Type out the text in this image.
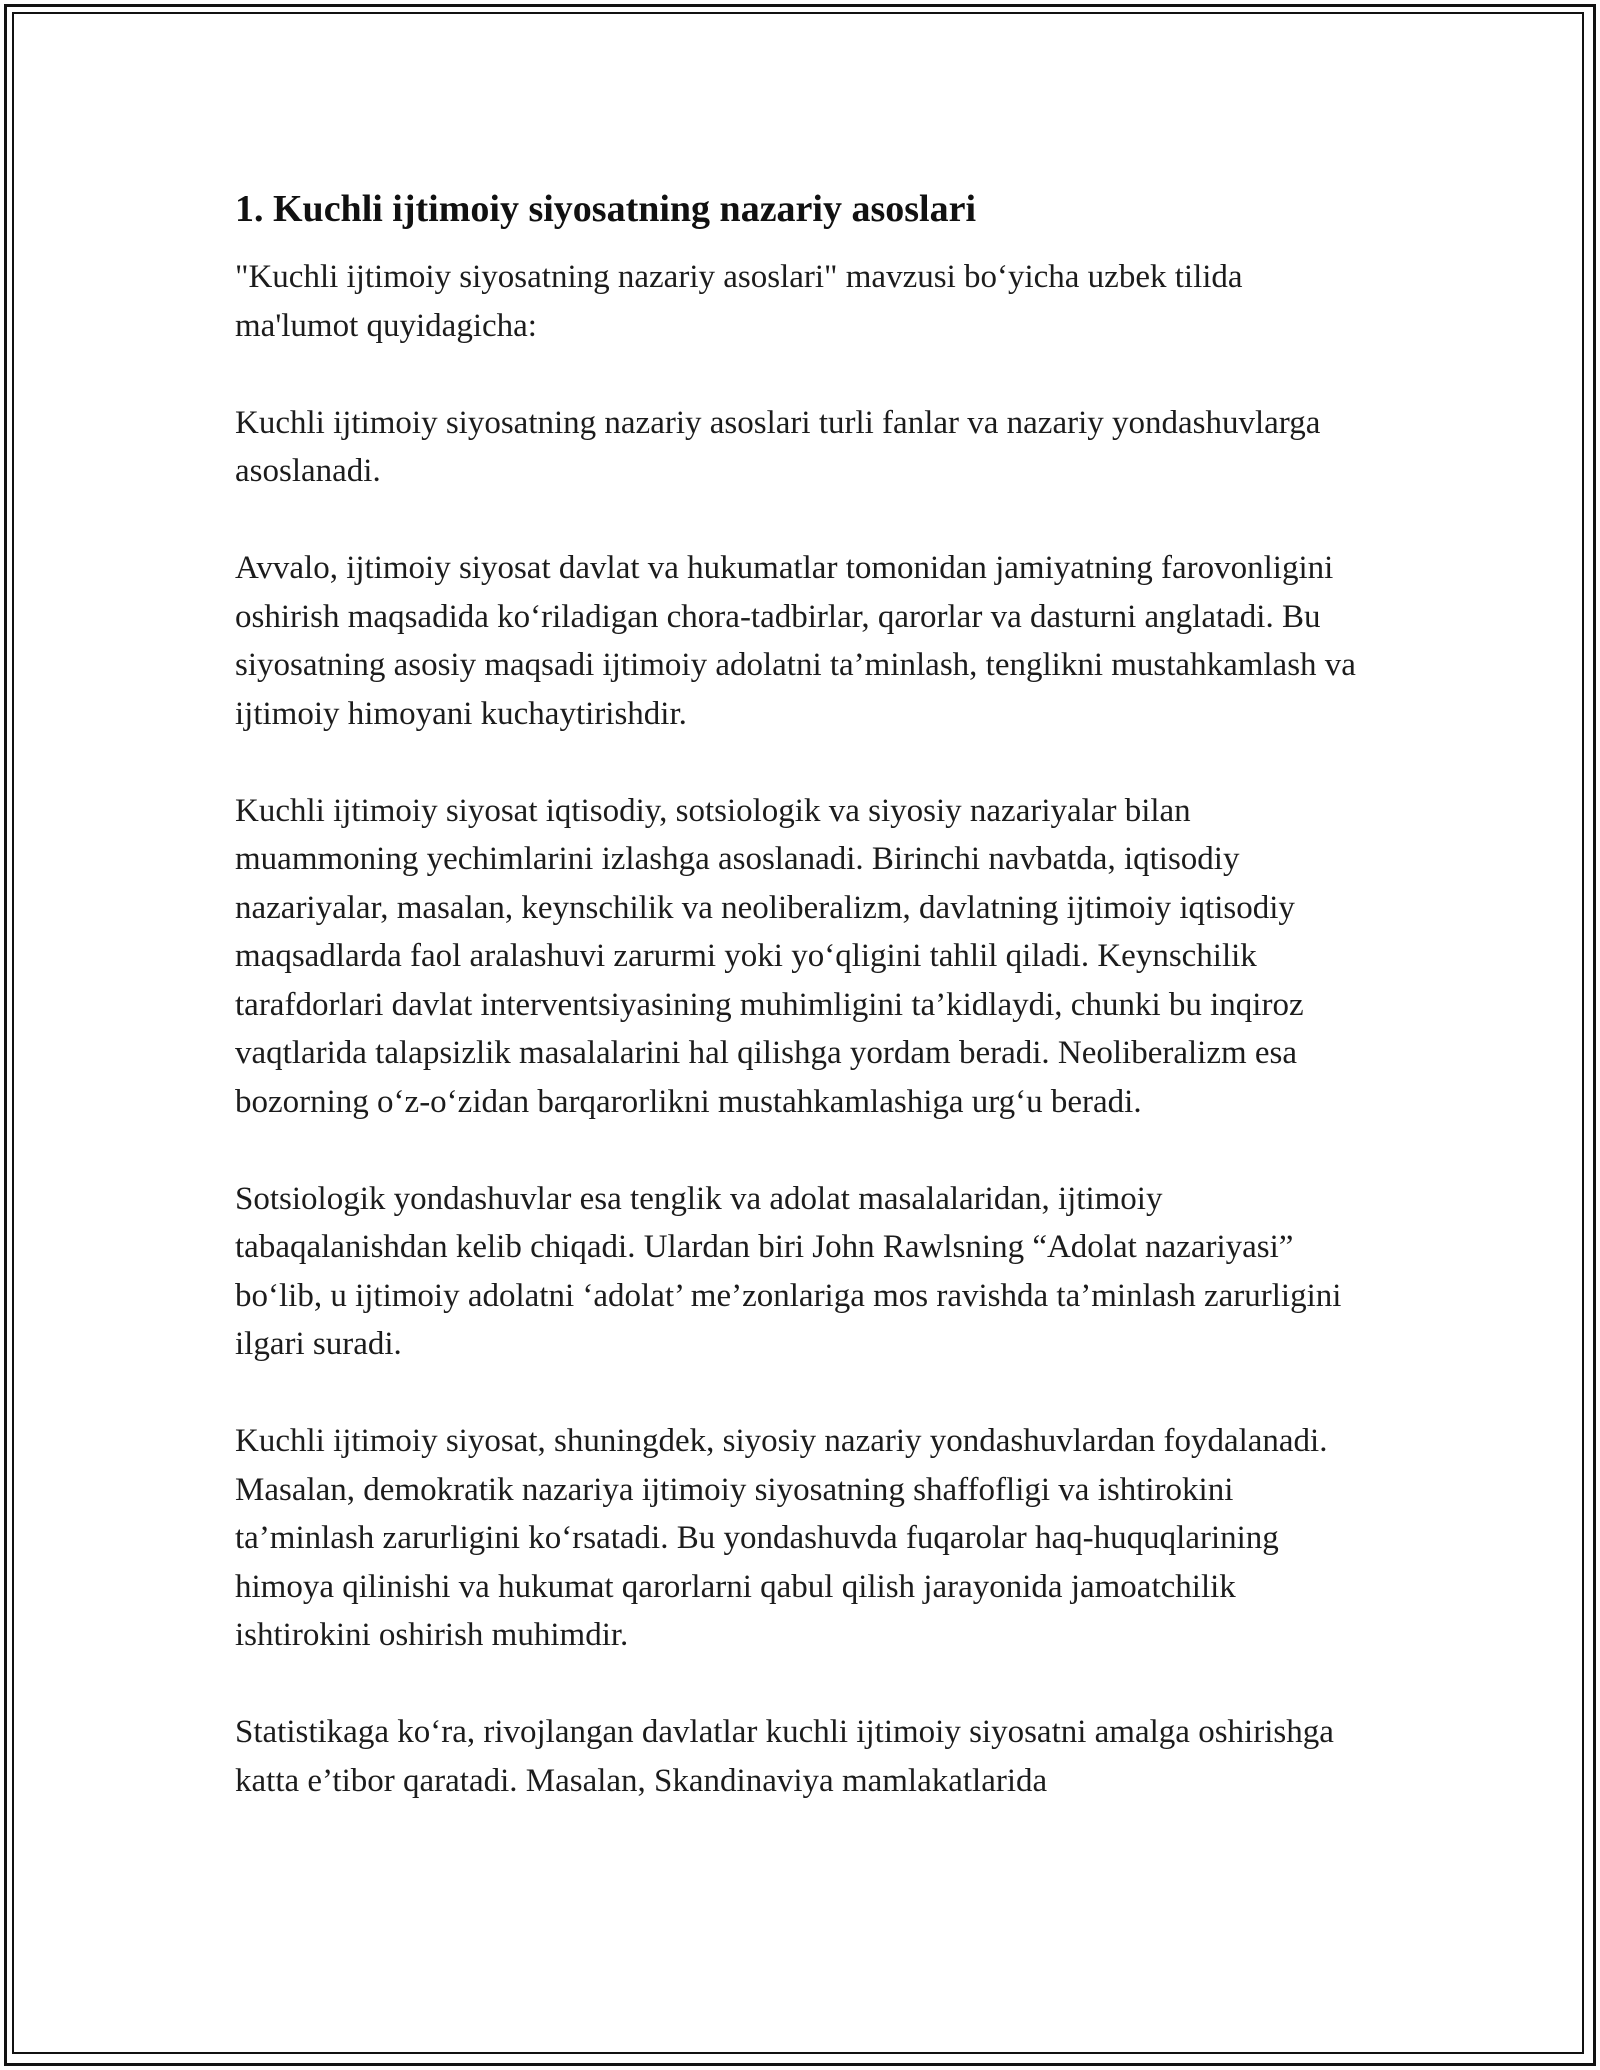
1. Kuchli ijtimoiy siyosatning nazariy asoslari

"Kuchli ijtimoiy siyosatning nazariy asoslari" mavzusi bo‘yicha uzbek tilida ma'lumot quyidagicha:

Kuchli ijtimoiy siyosatning nazariy asoslari turli fanlar va nazariy yondashuvlarga asoslanadi.

Avvalo, ijtimoiy siyosat davlat va hukumatlar tomonidan jamiyatning farovonligini oshirish maqsadida ko‘riladigan chora-tadbirlar, qarorlar va dasturni anglatadi. Bu siyosatning asosiy maqsadi ijtimoiy adolatni ta’minlash, tenglikni mustahkamlash va ijtimoiy himoyani kuchaytirishdir.

Kuchli ijtimoiy siyosat iqtisodiy, sotsiologik va siyosiy nazariyalar bilan muammoning yechimlarini izlashga asoslanadi. Birinchi navbatda, iqtisodiy nazariyalar, masalan, keynschilik va neoliberalizm, davlatning ijtimoiy iqtisodiy maqsadlarda faol aralashuvi zarurmi yoki yo‘qligini tahlil qiladi. Keynschilik tarafdorlari davlat interventsiyasining muhimligini ta’kidlaydi, chunki bu inqiroz vaqtlarida talapsizlik masalalarini hal qilishga yordam beradi. Neoliberalizm esa bozorning o‘z-o‘zidan barqarorlikni mustahkamlashiga urg‘u beradi.

Sotsiologik yondashuvlar esa tenglik va adolat masalalaridan, ijtimoiy tabaqalanishdan kelib chiqadi. Ulardan biri John Rawlsning “Adolat nazariyasi” bo‘lib, u ijtimoiy adolatni ‘adolat’ me’zonlariga mos ravishda ta’minlash zarurligini ilgari suradi.

Kuchli ijtimoiy siyosat, shuningdek, siyosiy nazariy yondashuvlardan foydalanadi. Masalan, demokratik nazariya ijtimoiy siyosatning shaffofligi va ishtirokini ta’minlash zarurligini ko‘rsatadi. Bu yondashuvda fuqarolar haq-huquqlarining himoya qilinishi va hukumat qarorlarni qabul qilish jarayonida jamoatchilik ishtirokini oshirish muhimdir.

Statistikaga ko‘ra, rivojlangan davlatlar kuchli ijtimoiy siyosatni amalga oshirishga katta e’tibor qaratadi. Masalan, Skandinaviya mamlakatlarida
